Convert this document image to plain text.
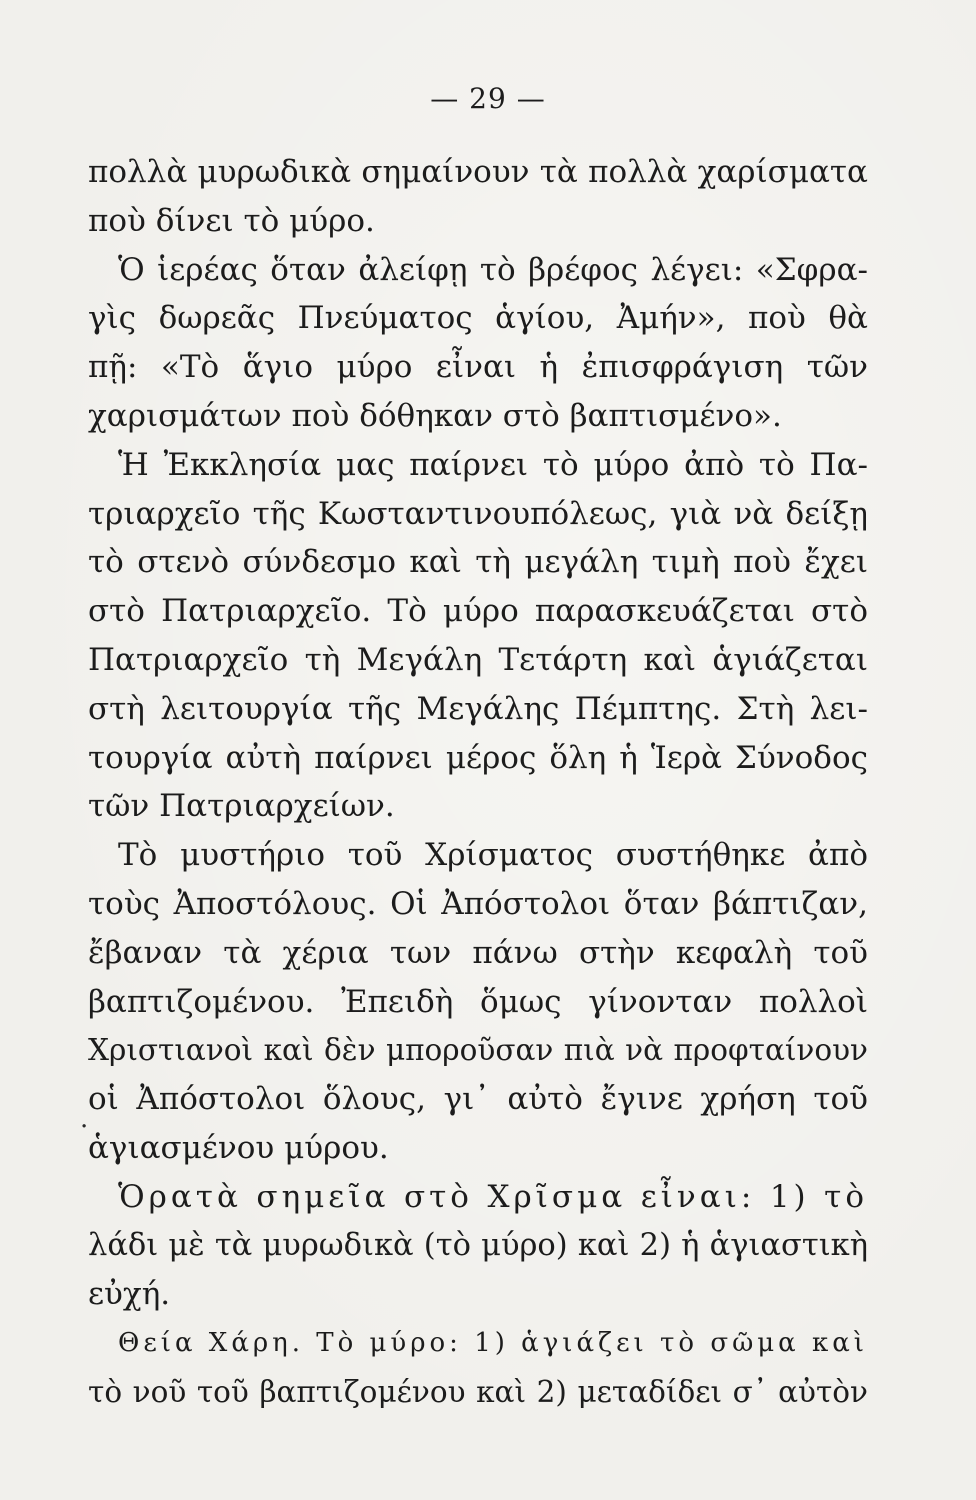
— 29 —
πολλὰ μυρωδικὰ σημαίνουν τὰ πολλὰ χαρίσματα
ποὺ δίνει τὸ μύρο.
Ὁ ἱερέας ὅταν ἀλείφῃ τὸ βρέφος λέγει: «Σφρα-
γὶς δωρεᾶς Πνεύματος ἁγίου, Ἀμήν», ποὺ θὰ
πῇ: «Τὸ ἅγιο μύρο εἶναι ἡ ἐπισφράγιση τῶν
χαρισμάτων ποὺ δόθηκαν στὸ βαπτισμένο».
Ἡ Ἐκκλησία μας παίρνει τὸ μύρο ἀπὸ τὸ Πα-
τριαρχεῖο τῆς Κωσταντινουπόλεως, γιὰ νὰ δείξῃ
τὸ στενὸ σύνδεσμο καὶ τὴ μεγάλη τιμὴ ποὺ ἔχει
στὸ Πατριαρχεῖο. Τὸ μύρο παρασκευάζεται στὸ
Πατριαρχεῖο τὴ Μεγάλη Τετάρτη καὶ ἁγιάζεται
στὴ λειτουργία τῆς Μεγάλης Πέμπτης. Στὴ λει-
τουργία αὐτὴ παίρνει μέρος ὅλη ἡ Ἱερὰ Σύνοδος
τῶν Πατριαρχείων.
Τὸ μυστήριο τοῦ Χρίσματος συστήθηκε ἀπὸ
τοὺς Ἀποστόλους. Οἱ Ἀπόστολοι ὅταν βάπτιζαν,
ἔβαναν τὰ χέρια των πάνω στὴν κεφαλὴ τοῦ
βαπτιζομένου. Ἐπειδὴ ὅμως γίνονταν πολλοὶ
Χριστιανοὶ καὶ δὲν μποροῦσαν πιὰ νὰ προφταίνουν
οἱ Ἀπόστολοι ὅλους, γι᾽ αὐτὸ ἔγινε χρήση τοῦ
ἁγιασμένου μύρου.
Ὁρατὰ σημεῖα στὸ Χρῖσμα εἶναι: 1) τὸ
λάδι μὲ τὰ μυρωδικὰ (τὸ μύρο) καὶ 2) ἡ ἁγιαστικὴ
εὐχή.
Θεία Χάρη. Τὸ μύρο: 1) ἁγιάζει τὸ σῶμα καὶ
τὸ νοῦ τοῦ βαπτιζομένου καὶ 2) μεταδίδει σ᾽ αὐτὸν
·
